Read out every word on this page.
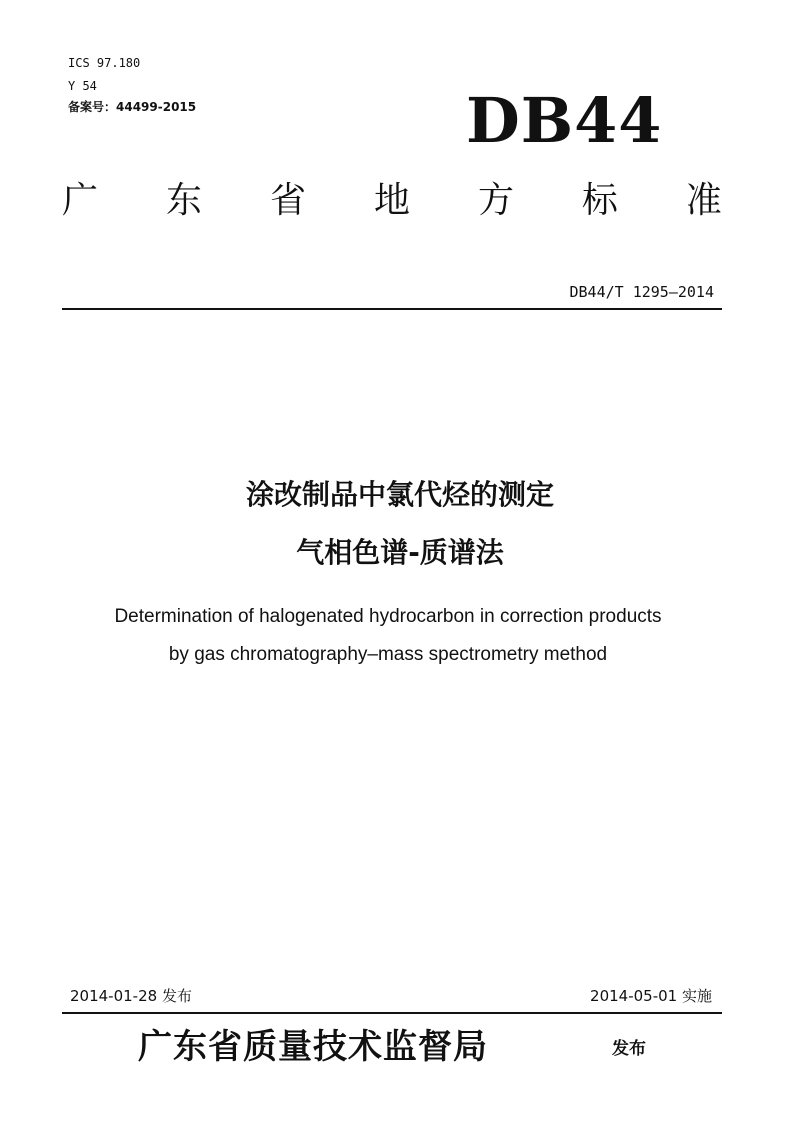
ICS 97.180
Y 54
备案号：44499-2015	DB44
广 东 省 地 方 标 准
DB44/T 1295—2014
涂改制品中氯代烃的测定
气相色谱-质谱法
Determination of halogenated hydrocarbon in correction products
by gas chromatography–mass spectrometry method
2014-01-28 发布	2014-05-01 实施
广东省质量技术监督局	发布
